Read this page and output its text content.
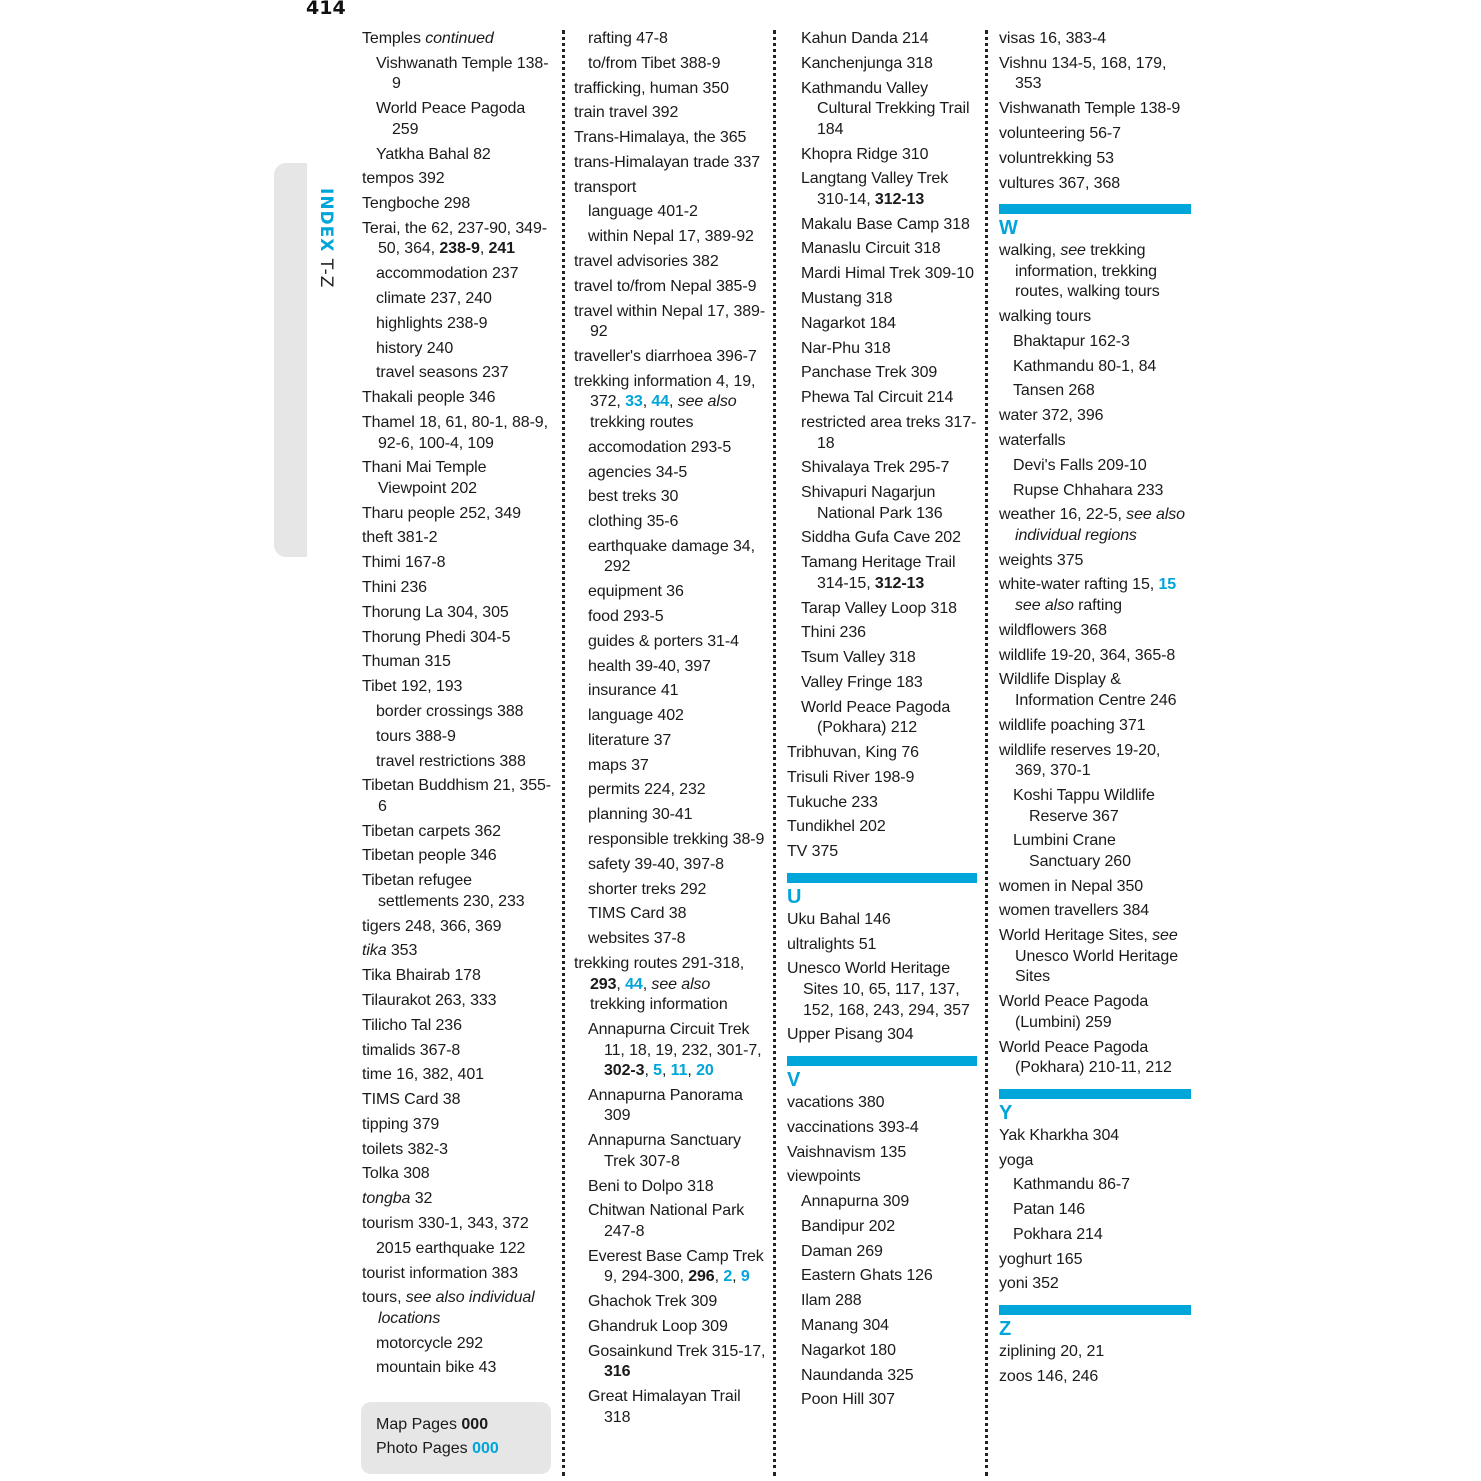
414
INDEX T-Z
Temples continued
Vishwanath Temple 138-9
World Peace Pagoda 259
Yatkha Bahal 82
tempos 392
Tengboche 298
Terai, the 62, 237-90, 349-50, 364, 238-9, 241
accommodation 237
climate 237, 240
highlights 238-9
history 240
travel seasons 237
Thakali people 346
Thamel 18, 61, 80-1, 88-9, 92-6, 100-4, 109
Thani Mai Temple Viewpoint 202
Tharu people 252, 349
theft 381-2
Thimi 167-8
Thini 236
Thorung La 304, 305
Thorung Phedi 304-5
Thuman 315
Tibet 192, 193
border crossings 388
tours 388-9
travel restrictions 388
Tibetan Buddhism 21, 355-6
Tibetan carpets 362
Tibetan people 346
Tibetan refugee settlements 230, 233
tigers 248, 366, 369
tika 353
Tika Bhairab 178
Tilaurakot 263, 333
Tilicho Tal 236
timalids 367-8
time 16, 382, 401
TIMS Card 38
tipping 379
toilets 382-3
Tolka 308
tongba 32
tourism 330-1, 343, 372
2015 earthquake 122
tourist information 383
tours, see also individual locations
motorcycle 292
mountain bike 43
rafting 47-8
to/from Tibet 388-9
trafficking, human 350
train travel 392
Trans-Himalaya, the 365
trans-Himalayan trade 337
transport
language 401-2
within Nepal 17, 389-92
travel advisories 382
travel to/from Nepal 385-9
travel within Nepal 17, 389-92
traveller's diarrhoea 396-7
trekking information 4, 19, 372, 33, 44, see also trekking routes
accomodation 293-5
agencies 34-5
best treks 30
clothing 35-6
earthquake damage 34, 292
equipment 36
food 293-5
guides & porters 31-4
health 39-40, 397
insurance 41
language 402
literature 37
maps 37
permits 224, 232
planning 30-41
responsible trekking 38-9
safety 39-40, 397-8
shorter treks 292
TIMS Card 38
websites 37-8
trekking routes 291-318, 293, 44, see also trekking information
Annapurna Circuit Trek 11, 18, 19, 232, 301-7, 302-3, 5, 11, 20
Annapurna Panorama 309
Annapurna Sanctuary Trek 307-8
Beni to Dolpo 318
Chitwan National Park 247-8
Everest Base Camp Trek 9, 294-300, 296, 2, 9
Ghachok Trek 309
Ghandruk Loop 309
Gosainkund Trek 315-17, 316
Great Himalayan Trail 318
Kahun Danda 214
Kanchenjunga 318
Kathmandu Valley Cultural Trekking Trail 184
Khopra Ridge 310
Langtang Valley Trek 310-14, 312-13
Makalu Base Camp 318
Manaslu Circuit 318
Mardi Himal Trek 309-10
Mustang 318
Nagarkot 184
Nar-Phu 318
Panchase Trek 309
Phewa Tal Circuit 214
restricted area treks 317-18
Shivalaya Trek 295-7
Shivapuri Nagarjun National Park 136
Siddha Gufa Cave 202
Tamang Heritage Trail 314-15, 312-13
Tarap Valley Loop 318
Thini 236
Tsum Valley 318
Valley Fringe 183
World Peace Pagoda (Pokhara) 212
Tribhuvan, King 76
Trisuli River 198-9
Tukuche 233
Tundikhel 202
TV 375
U
Uku Bahal 146
ultralights 51
Unesco World Heritage Sites 10, 65, 117, 137, 152, 168, 243, 294, 357
Upper Pisang 304
V
vacations 380
vaccinations 393-4
Vaishnavism 135
viewpoints
Annapurna 309
Bandipur 202
Daman 269
Eastern Ghats 126
Ilam 288
Manang 304
Nagarkot 180
Naundanda 325
Poon Hill 307
visas 16, 383-4
Vishnu 134-5, 168, 179, 353
Vishwanath Temple 138-9
volunteering 56-7
voluntrekking 53
vultures 367, 368
W
walking, see trekking information, trekking routes, walking tours
walking tours
Bhaktapur 162-3
Kathmandu 80-1, 84
Tansen 268
water 372, 396
waterfalls
Devi's Falls 209-10
Rupse Chhahara 233
weather 16, 22-5, see also individual regions
weights 375
white-water rafting 15, 15 see also rafting
wildflowers 368
wildlife 19-20, 364, 365-8
Wildlife Display & Information Centre 246
wildlife poaching 371
wildlife reserves 19-20, 369, 370-1
Koshi Tappu Wildlife Reserve 367
Lumbini Crane Sanctuary 260
women in Nepal 350
women travellers 384
World Heritage Sites, see Unesco World Heritage Sites
World Peace Pagoda (Lumbini) 259
World Peace Pagoda (Pokhara) 210-11, 212
Y
Yak Kharkha 304
yoga
Kathmandu 86-7
Patan 146
Pokhara 214
yoghurt 165
yoni 352
Z
ziplining 20, 21
zoos 146, 246
Map Pages 000
Photo Pages 000
